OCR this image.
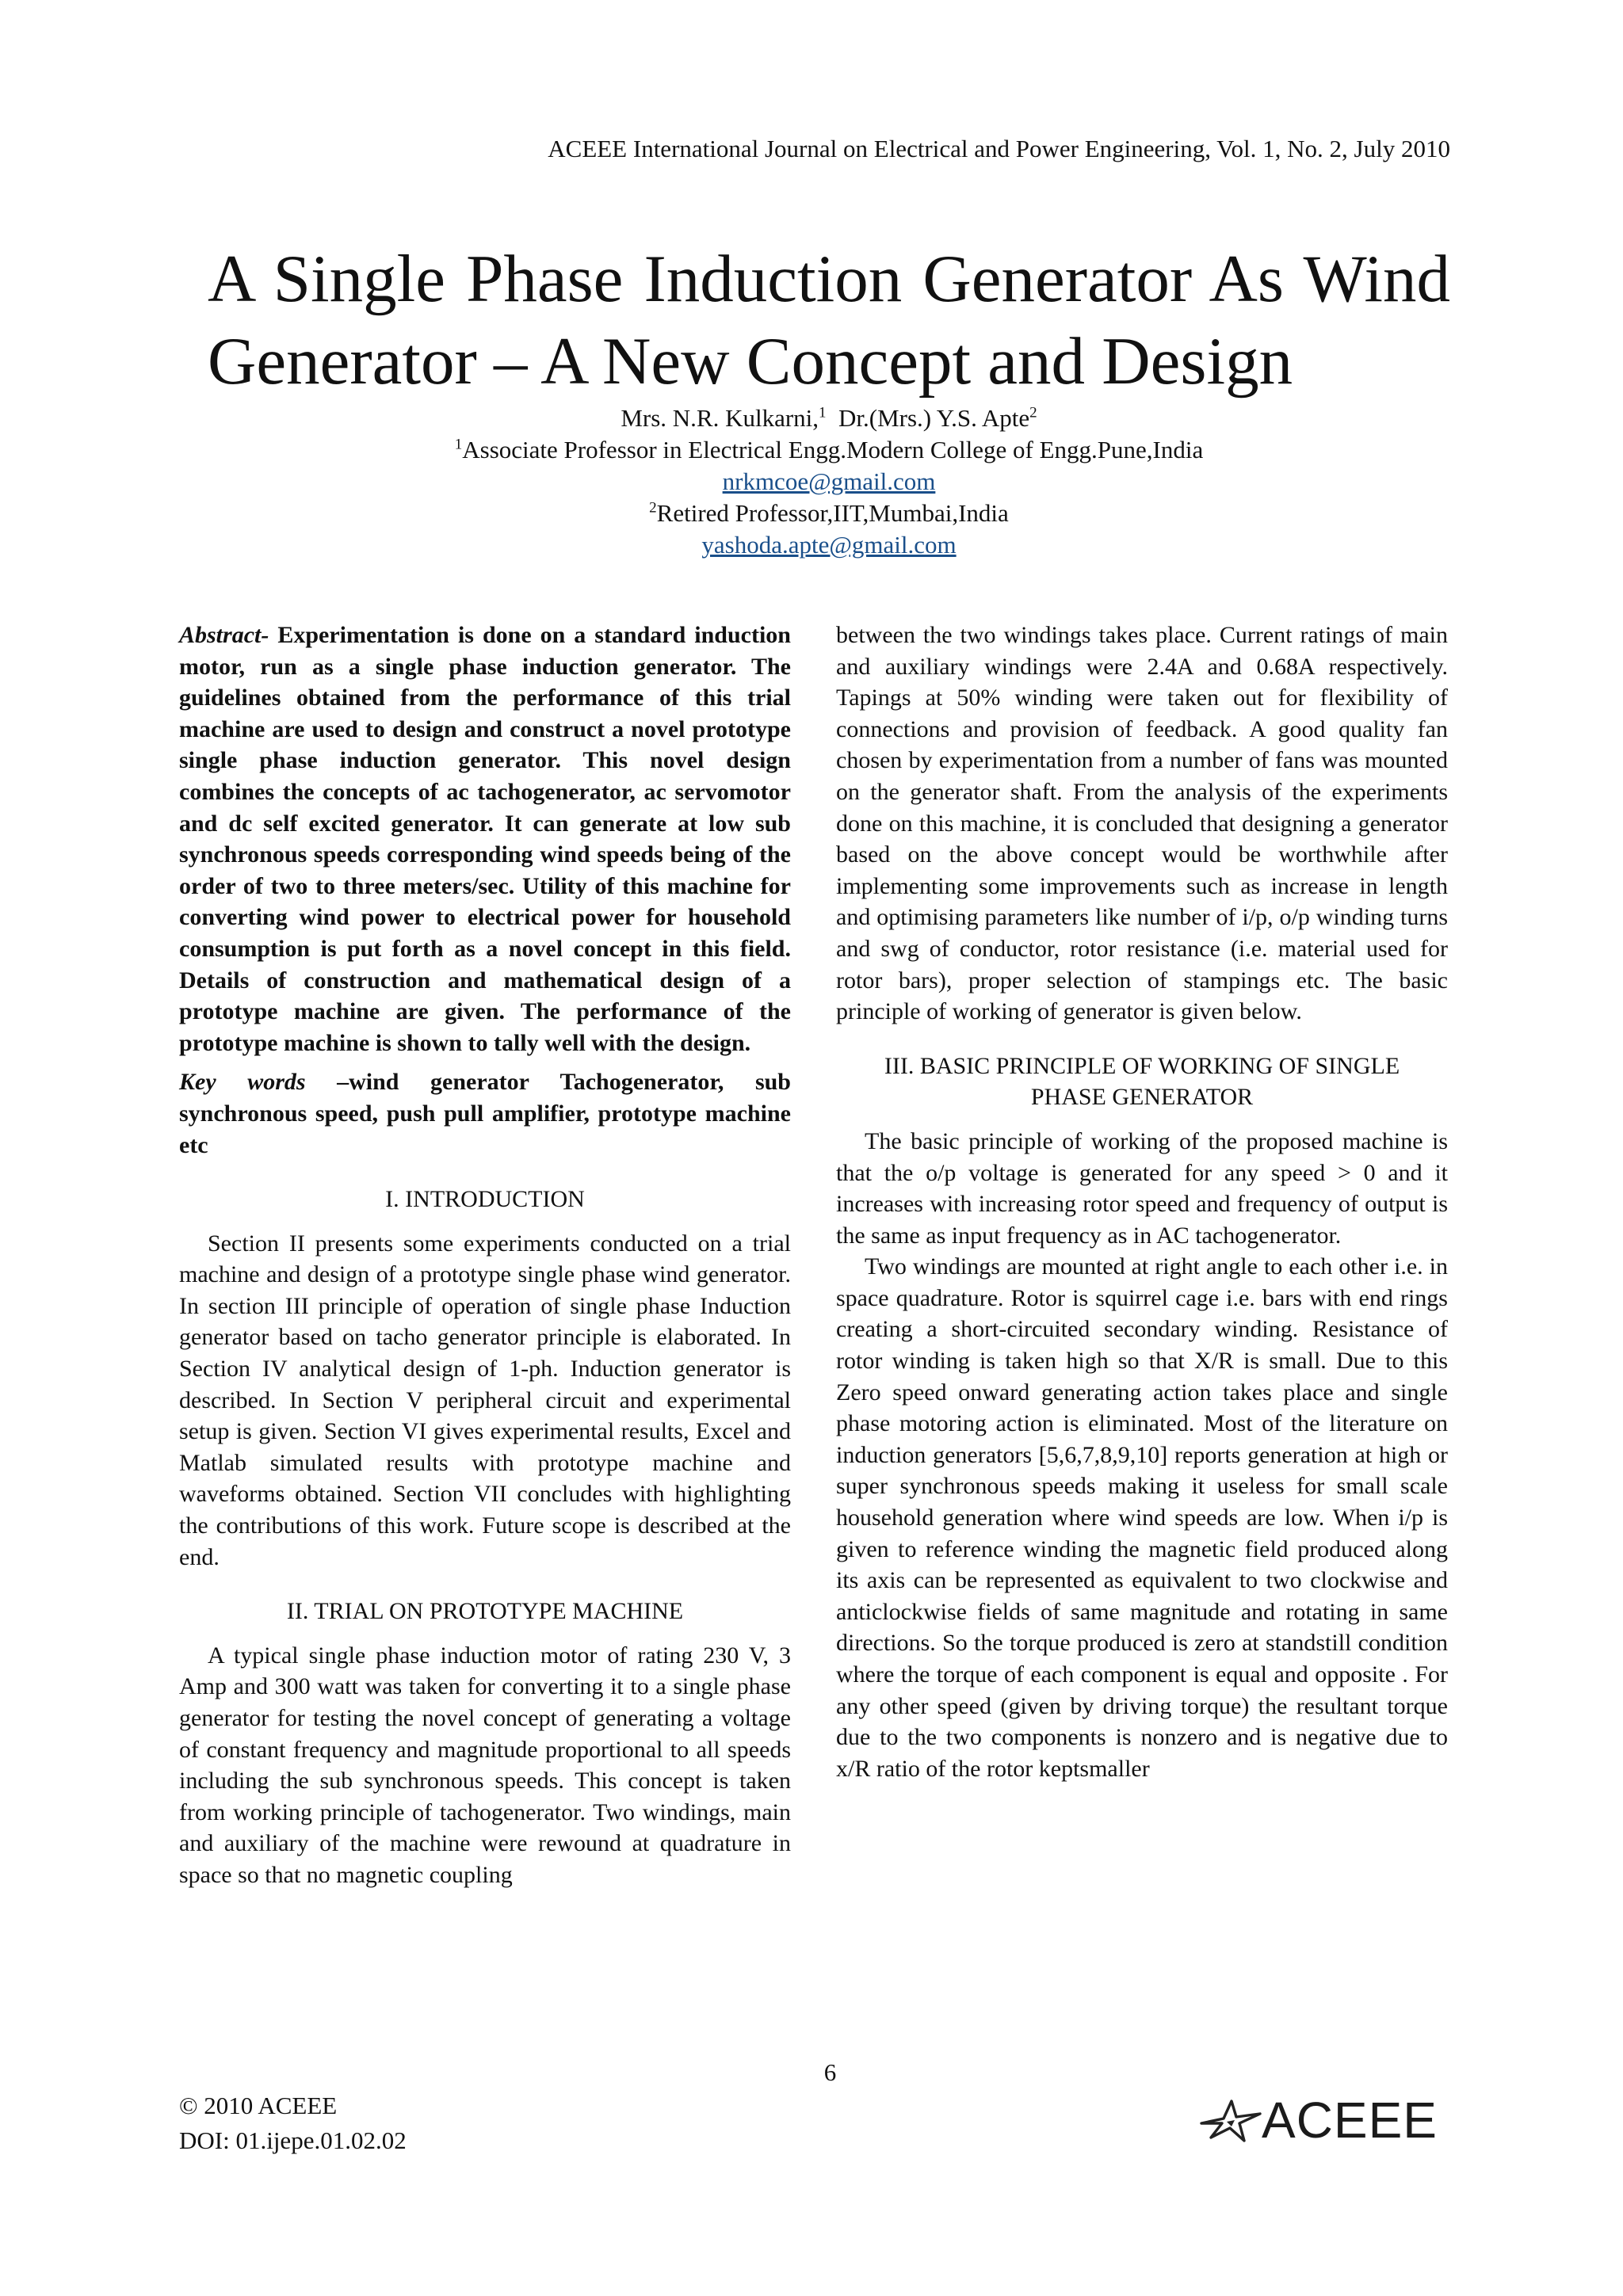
ACEEE International Journal on Electrical and Power Engineering, Vol. 1, No. 2, July 2010
A Single Phase Induction Generator As Wind Generator – A New Concept and Design
Mrs. N.R. Kulkarni,$^1$ Dr.(Mrs.) Y.S. Apte$^2$
$^1$Associate Professor in Electrical Engg.Modern College of Engg.Pune,India
nrkmcoe@gmail.com
$^2$Retired Professor,IIT,Mumbai,India
yashoda.apte@gmail.com

Abstract- Experimentation is done on a standard induction motor, run as a single phase induction generator. The guidelines obtained from the performance of this trial machine are used to design and construct a novel prototype single phase induction generator. This novel design combines the concepts of ac tachogenerator, ac servomotor and dc self excited generator. It can generate at low sub synchronous speeds corresponding wind speeds being of the order of two to three meters/sec. Utility of this machine for converting wind power to electrical power for household consumption is put forth as a novel concept in this field. Details of construction and mathematical design of a prototype machine are given. The performance of the prototype machine is shown to tally well with the design.

Key words –wind generator Tachogenerator, sub synchronous speed, push pull amplifier, prototype machine etc

I. INTRODUCTION

Section II presents some experiments conducted on a trial machine and design of a prototype single phase wind generator. In section III principle of operation of single phase Induction generator based on tacho generator principle is elaborated. In Section IV analytical design of 1-ph. Induction generator is described. In Section V peripheral circuit and experimental setup is given. Section VI gives experimental results, Excel and Matlab simulated results with prototype machine and waveforms obtained. Section VII concludes with highlighting the contributions of this work. Future scope is described at the end.

II. TRIAL ON PROTOTYPE MACHINE

A typical single phase induction motor of rating 230 V, 3 Amp and 300 watt was taken for converting it to a single phase generator for testing the novel concept of generating a voltage of constant frequency and magnitude proportional to all speeds including the sub synchronous speeds. This concept is taken from working principle of tachogenerator. Two windings, main and auxiliary of the machine were rewound at quadrature in space so that no magnetic coupling

between the two windings takes place. Current ratings of main and auxiliary windings were 2.4A and 0.68A respectively. Tapings at 50% winding were taken out for flexibility of connections and provision of feedback. A good quality fan chosen by experimentation from a number of fans was mounted on the generator shaft. From the analysis of the experiments done on this machine, it is concluded that designing a generator based on the above concept would be worthwhile after implementing some improvements such as increase in length and optimising parameters like number of i/p, o/p winding turns and swg of conductor, rotor resistance (i.e. material used for rotor bars), proper selection of stampings etc. The basic principle of working of generator is given below.

III. BASIC PRINCIPLE OF WORKING OF SINGLE
PHASE GENERATOR

The basic principle of working of the proposed machine is that the o/p voltage is generated for any speed > 0 and it increases with increasing rotor speed and frequency of output is the same as input frequency as in AC tachogenerator.

Two windings are mounted at right angle to each other i.e. in space quadrature. Rotor is squirrel cage i.e. bars with end rings creating a short-circuited secondary winding. Resistance of rotor winding is taken high so that X/R is small. Due to this Zero speed onward generating action takes place and single phase motoring action is eliminated. Most of the literature on induction generators [5,6,7,8,9,10] reports generation at high or super synchronous speeds making it useless for small scale household generation where wind speeds are low. When i/p is given to reference winding the magnetic field produced along its axis can be represented as equivalent to two clockwise and anticlockwise fields of same magnitude and rotating in same directions. So the torque produced is zero at standstill condition where the torque of each component is equal and opposite . For any other speed (given by driving torque) the resultant torque due to the two components is nonzero and is negative due to x/R ratio of the rotor keptsmaller

6
© 2010 ACEEE
DOI: 01.ijepe.01.02.02	ACEEE
